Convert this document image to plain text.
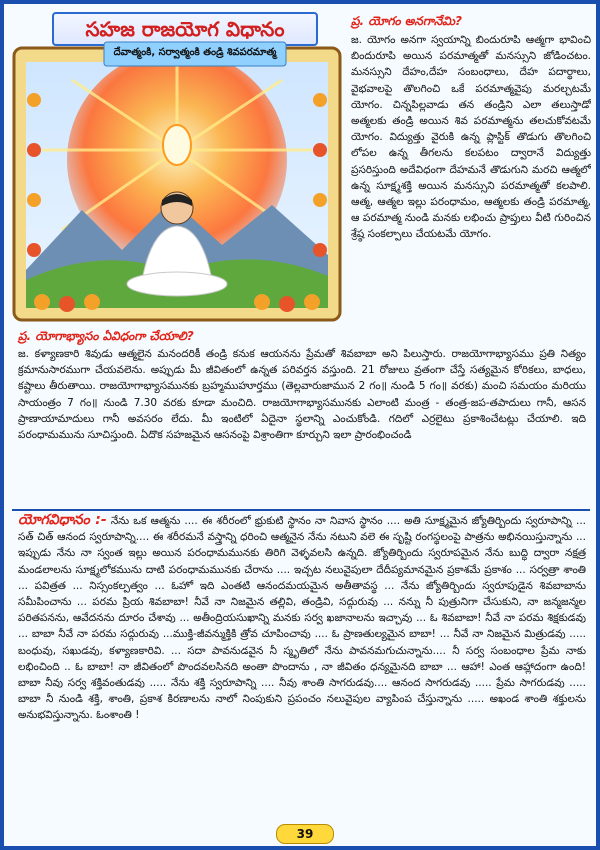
సహజ రాజయోగ విధానం
దేవాత్మంకి, సర్వాత్మంకి తండ్రి శివపరమాత్మ
ప్ర. యోగం అనగానేమి?
జ. యోగం అనగా స్వయాన్ని బిందురూపి ఆత్మగా భావించి బిందురూపి అయిన పరమాత్మతో మనస్సుని జోడించటం. మనస్సుని దేహం,దేహ సంబంధాలు, దేహ పదార్థాలు, వైభవాలపై తొలగించి ఒకే పరమాత్మవైపు మరల్చటమే యోగం. చిన్నపిల్లవాడు తన తండ్రిని ఎలా తలుస్తాడో అత్మలకు తండ్రి అయిన శివ పరమాత్మను తలచుకోవటమే యోగం. విద్యుత్తు వైరుకి ఉన్న ప్లాస్టిక్ తొడుగు తొలగించి లోపల ఉన్న తీగలను కలపటం ద్వారానే విద్యుత్తు ప్రసరిస్తుంది అదేవిధంగా దేహమనే తొడుగుని మరచి ఆత్మలో ఉన్న సూక్ష్మశక్తి అయిన మనస్సుని పరమాత్మతో కలపాలి. ఆత్మ, ఆత్మల ఇల్లు పరంధామం, ఆత్మలకు తండ్రి పరమాత్మ, ఆ పరమాత్మ నుండి మనకు లభించు ప్రాప్తులు వీటి గురించిన శ్రేష్ఠ సంకల్పాలు చేయటమే యోగం.
ప్ర. యోగాభ్యాసం ఏవిధంగా చేయాలి?
జ. కళ్యాణకారి శివుడు ఆత్మలైన మనందరికీ తండ్రి కనుక ఆయనను ప్రేమతో శివబాబా అని పిలుస్తారు. రాజయోగాభ్యాసము ప్రతి నిత్యం క్రమానుసారముగా చేయవలెను. అప్పుడు మీ జీవితంలో ఉన్నత పరివర్తన వస్తుంది. 21 రోజులు వ్రతంగా చేస్తే సత్యమైన కోరికలు, బాధలు, కష్టాలు తీరుతాయి. రాజయోగాభ్యాసమునకు బ్రహ్మముహూర్తము (తెల్లవారుజామున 2 గం॥ నుండి 5 గం॥ వరకు) మంచి సమయం మరియు సాయంత్రం 7 గం॥ నుండి 7.30 వరకు కూడా మంచిది. రాజయోగాభ్యాసమునకు ఎలాంటి మంత్ర - తంత్ర-జప-తపాదులు గానీ, ఆసన ప్రాణాయామాదులు గానీ అవసరం లేదు. మీ ఇంటిలో ఏదైనా స్థలాన్ని ఎంచుకోండి. గదిలో ఎర్రలైటు ప్రకాశించేటట్లు చేయాలి. ఇది పరంధామమును సూచిస్తుంది. ఏదొక సహజమైన ఆసనంపై విశ్రాంతిగా కూర్చుని ఇలా ప్రారంభించండి
యోగవిధానం :- నేను ఒక ఆత్మను .... ఈ శరీరంలో భ్రుకుటి స్థానం నా నివాస స్థానం .... అతి సూక్ష్మమైన జ్యోతిర్బిందు స్వరూపాన్ని ... సత్ చిత్ ఆనంద స్వరూపాన్ని.... ఈ శరీరమనే వస్త్రాన్ని ధరించి ఆత్మనైన నేను నటుని వలె ఈ సృష్టి రంగస్థలంపై పాత్రను అభినయిస్తున్నాను ... ఇప్పుడు నేను నా స్వంత ఇల్లు అయిన పరంధామమునకు తిరిగి వెళ్ళవలసి ఉన్నది. జ్యోతిర్బిందు స్వరూపమైన నేను బుద్ధి ద్వారా నక్షత్ర మండలాలను సూక్ష్మలోకమును దాటి పరంధామమునకు చేరాను .... ఇచ్చట నలువైపులా దేదీప్యమానమైన ప్రకాశమే ప్రకాశం ... సర్వత్రా శాంతి ... పవిత్రత ... నిస్సంకల్పత్వం ... ఓహో ఇది ఎంతటి ఆనందమయమైన అతీతావస్థ ... నేను జ్యోతిర్బిందు స్వరూపుడైన శివబాబాను సమీపించాను ... పరమ ప్రియ శివబాబా! నీవే నా నిజమైన తల్లివి, తండ్రివి, సద్గురువు ... నన్ను నీ పుత్రునిగా చేసుకుని, నా జన్మజన్మల పరితపనను, ఆవేదనను దూరం చేశావు ... అతీంద్రియసుఖాన్ని మనకు సర్వ ఖజానాలను ఇచ్చావు ... ఓ శివబాబా! నీవే నా పరమ శిక్షకుడవు ... బాబా నీవే నా పరమ సద్గురువు ...ముక్తి-జీవన్ముక్తికి త్రోవ చూపించావు .... ఓ ప్రాణతుల్యమైన బాబా! ... నీవే నా నిజమైన మిత్రుడవు ..... బంధువు, సఖుడవు, కళ్యాణకారివి. ... సదా పావనుడవైన నీ స్మృతిలో నేను పావనమగుచున్నాను.... నీ సర్వ సంబంధాల ప్రేమ నాకు లభించింది .. ఓ బాబా! నా జీవితంలో పొందవలసినది అంతా పొందాను , నా జీవితం ధన్యమైనది బాబా ... ఆహా! ఎంత ఆహ్లాదంగా ఉంది! బాబా నీవు సర్వ శక్తివంతుడవు ..... నేను శక్తి స్వరూపాన్ని .... నీవు శాంతి సాగరుడవు.... ఆనంద సాగరుడవు ..... ప్రేమ సాగరుడవు ..... బాబా నీ నుండి శక్తి, శాంతి, ప్రకాశ కిరణాలను నాలో నింపుకుని ప్రపంచం నలువైపుల వ్యాపింప చేస్తున్నాను ..... అఖండ శాంతి శక్తులను అనుభవిస్తున్నాను. ఓంశాంతి !
39
